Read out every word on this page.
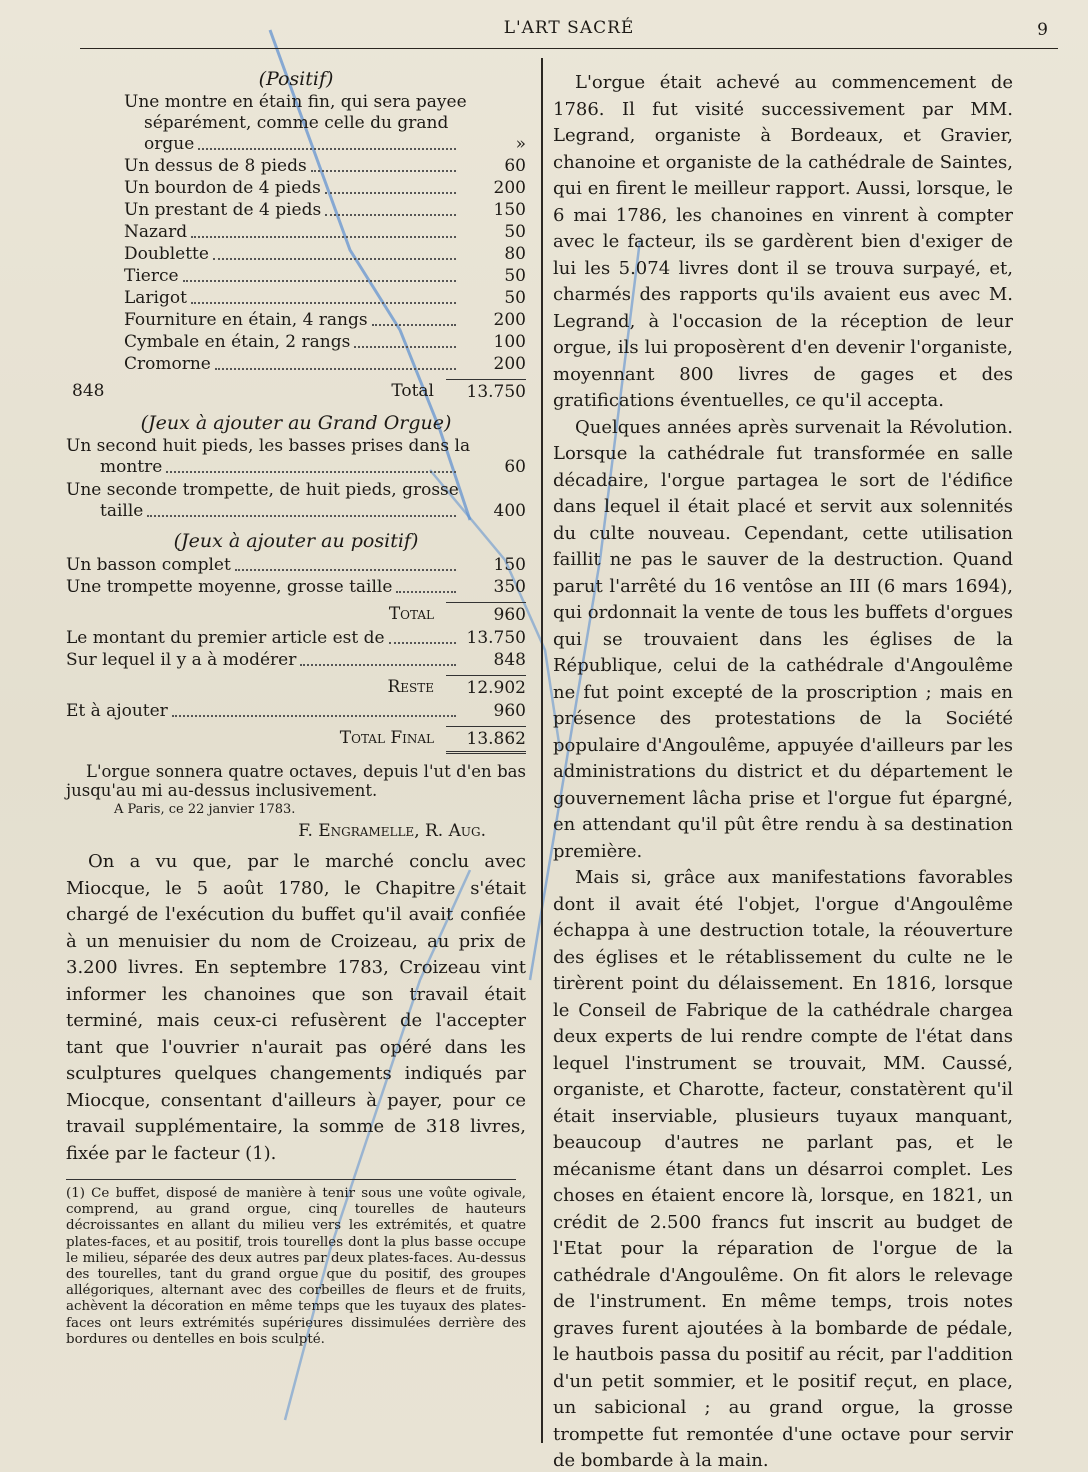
L'ART SACRÉ	9
(Positif)
Une montre en étain fin, qui sera payee
séparément, comme celle du grand
orgue	»
Un dessus de 8 pieds	60
Un bourdon de 4 pieds	200
Un prestant de 4 pieds	150
Nazard	50
Doublette	80
Tierce	50
Larigot	50
Fourniture en étain, 4 rangs	200
Cymbale en étain, 2 rangs	100
Cromorne	200
848	Total	13.750
(Jeux à ajouter au Grand Orgue)
Un second huit pieds, les basses prises dans la
montre	60
Une seconde trompette, de huit pieds, grosse
taille	400
(Jeux à ajouter au positif)
Un basson complet	150
Une trompette moyenne, grosse taille	350
Total	960
Le montant du premier article est de	13.750
Sur lequel il y a à modérer	848
Reste	12.902
Et à ajouter	960
Total Final	13.862

L'orgue sonnera quatre octaves, depuis l'ut d'en bas jusqu'au mi au-dessus inclusivement.

A Paris, ce 22 janvier 1783.
F. Engramelle, R. Aug.

On a vu que, par le marché conclu avec Miocque, le 5 août 1780, le Chapitre s'était chargé de l'exécution du buffet qu'il avait confiée à un menuisier du nom de Croizeau, au prix de 3.200 livres. En septembre 1783, Croizeau vint informer les chanoines que son travail était terminé, mais ceux-ci refusèrent de l'accepter tant que l'ouvrier n'aurait pas opéré dans les sculptures quelques changements indiqués par Miocque, consentant d'ailleurs à payer, pour ce travail supplémentaire, la somme de 318 livres, fixée par le facteur (1).

(1) Ce buffet, disposé de manière à tenir sous une voûte ogivale, comprend, au grand orgue, cinq tourelles de hauteurs décroissantes en allant du milieu vers les extrémités, et quatre plates-faces, et au positif, trois tourelles dont la plus basse occupe le milieu, séparée des deux autres par deux plates-faces. Au-dessus des tourelles, tant du grand orgue que du positif, des groupes allégoriques, alternant avec des corbeilles de fleurs et de fruits, achèvent la décoration en même temps que les tuyaux des plates-faces ont leurs extrémités supérieures dissimulées derrière des bordures ou dentelles en bois sculpté.

L'orgue était achevé au commencement de 1786. Il fut visité successivement par MM. Legrand, organiste à Bordeaux, et Gravier, chanoine et organiste de la cathédrale de Saintes, qui en firent le meilleur rapport. Aussi, lorsque, le 6 mai 1786, les chanoines en vinrent à compter avec le facteur, ils se gardèrent bien d'exiger de lui les 5.074 livres dont il se trouva surpayé, et, charmés des rapports qu'ils avaient eus avec M. Legrand, à l'occasion de la réception de leur orgue, ils lui proposèrent d'en devenir l'organiste, moyennant 800 livres de gages et des gratifications éventuelles, ce qu'il accepta.

Quelques années après survenait la Révolution. Lorsque la cathédrale fut transformée en salle décadaire, l'orgue partagea le sort de l'édifice dans lequel il était placé et servit aux solennités du culte nouveau. Cependant, cette utilisation faillit ne pas le sauver de la destruction. Quand parut l'arrêté du 16 ventôse an III (6 mars 1694), qui ordonnait la vente de tous les buffets d'orgues qui se trouvaient dans les églises de la République, celui de la cathédrale d'Angoulême ne fut point excepté de la proscription ; mais en présence des protestations de la Société populaire d'Angoulême, appuyée d'ailleurs par les administrations du district et du département le gouvernement lâcha prise et l'orgue fut épargné, en attendant qu'il pût être rendu à sa destination première.

Mais si, grâce aux manifestations favorables dont il avait été l'objet, l'orgue d'Angoulême échappa à une destruction totale, la réouverture des églises et le rétablissement du culte ne le tirèrent point du délaissement. En 1816, lorsque le Conseil de Fabrique de la cathédrale chargea deux experts de lui rendre compte de l'état dans lequel l'instrument se trouvait, MM. Caussé, organiste, et Charotte, facteur, constatèrent qu'il était inserviable, plusieurs tuyaux manquant, beaucoup d'autres ne parlant pas, et le mécanisme étant dans un désarroi complet. Les choses en étaient encore là, lorsque, en 1821, un crédit de 2.500 francs fut inscrit au budget de l'Etat pour la réparation de l'orgue de la cathédrale d'Angoulême. On fit alors le relevage de l'instrument. En même temps, trois notes graves furent ajoutées à la bombarde de pédale, le hautbois passa du positif au récit, par l'addition d'un petit sommier, et le positif reçut, en place, un sabicional ; au grand orgue, la grosse trompette fut remontée d'une octave pour servir de bombarde à la main.
